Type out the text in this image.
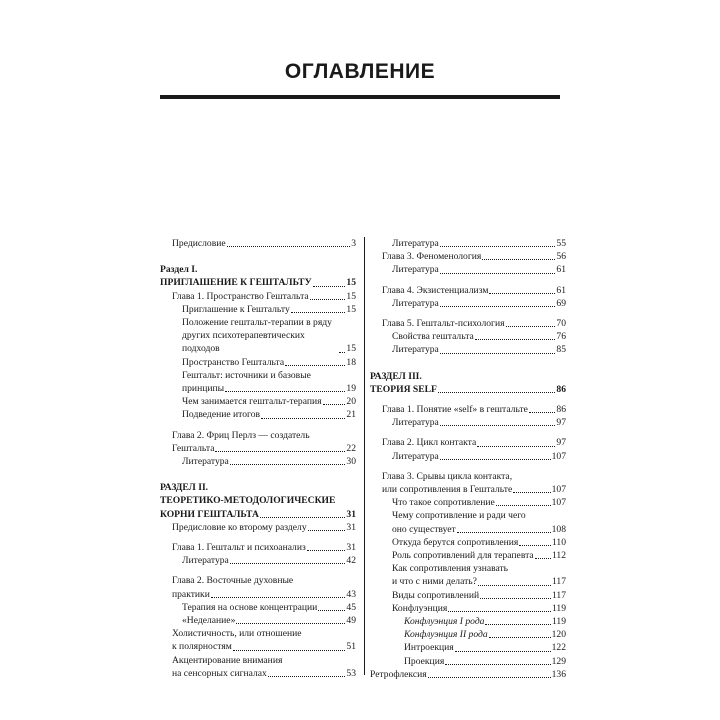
ОГЛАВЛЕНИЕ
Предисловие	3
Раздел I.
ПРИГЛАШЕНИЕ К ГЕШТАЛЬТУ	15
Глава 1. Пространство Гештальта	15
Приглашение к Гештальту	15
Положение гештальт-терапии в ряду
других психотерапевтических подходов	15
Пространство Гештальта	18
Гештальт: источники и базовые
принципы	19
Чем занимается гештальт-терапия	20
Подведение итогов	21
Глава 2. Фриц Перлз — создатель
Гештальта	22
Литература	30
РАЗДЕЛ II.
ТЕОРЕТИКО-МЕТОДОЛОГИЧЕСКИЕ
КОРНИ ГЕШТАЛЬТА	31
Предисловие ко второму разделу	31
Глава 1. Гештальт и психоанализ	31
Литература	42
Глава 2. Восточные духовные
практики	43
Терапия на основе концентрации	45
«Неделание»	49
Холистичность, или отношение
к полярностям	51
Акцентирование внимания
на сенсорных сигналах	53
Литература	55
Глава 3. Феноменология	56
Литература	61
Глава 4. Экзистенциализм	61
Литература	69
Глава 5. Гештальт-психология	70
Свойства гештальта	76
Литература	85
РАЗДЕЛ III.
ТЕОРИЯ SELF	86
Глава 1. Понятие «self» в гештальте	86
Литература	97
Глава 2. Цикл контакта	97
Литература	107
Глава 3. Срывы цикла контакта,
или сопротивления в Гештальте	107
Что такое сопротивление	107
Чему сопротивление и ради чего
оно существует	108
Откуда берутся сопротивления	110
Роль сопротивлений для терапевта 112
Как сопротивления узнавать
и что с ними делать?	117
Виды сопротивлений	117
Конфлуэнция	119
Конфлуэнция I рода	119
Конфлуэнция II рода	120
Интроекция	122
Проекция	129
Ретрофлексия	136
